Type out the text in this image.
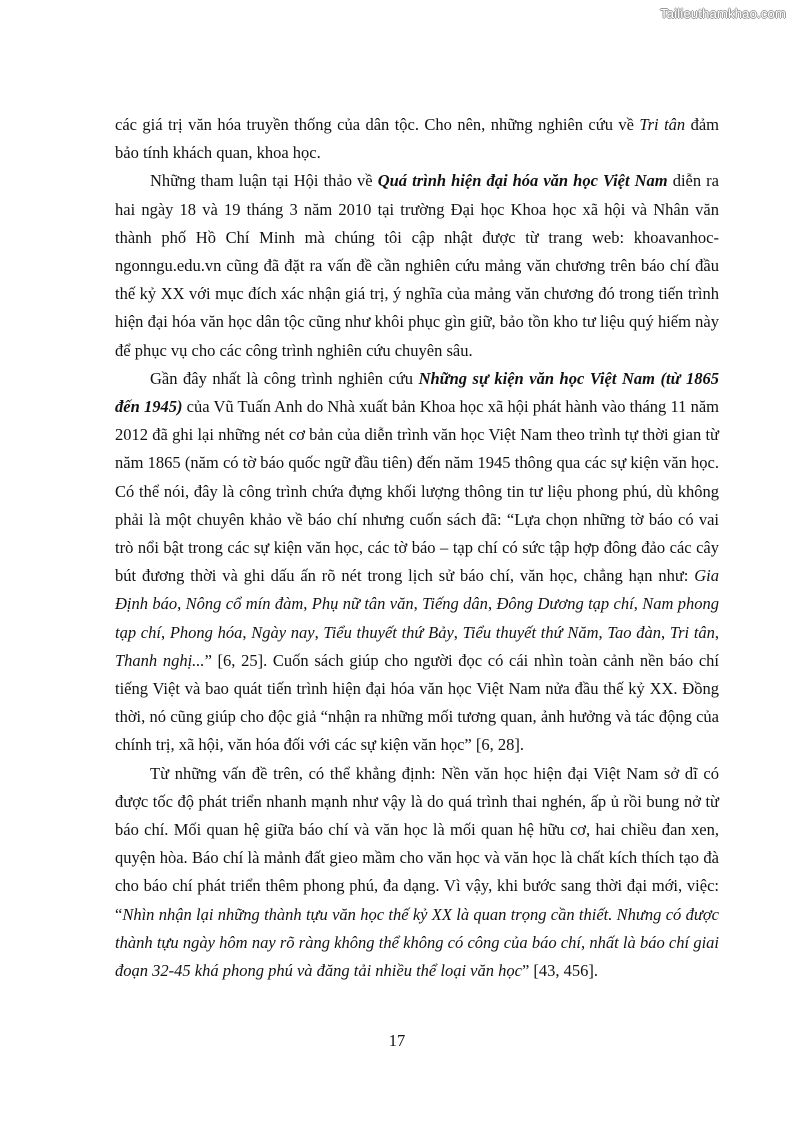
Tailieuthamkhao.com

các giá trị văn hóa truyền thống của dân tộc. Cho nên, những nghiên cứu về Tri tân đảm bảo tính khách quan, khoa học.

Những tham luận tại Hội thảo về Quá trình hiện đại hóa văn học Việt Nam diễn ra hai ngày 18 và 19 tháng 3 năm 2010 tại trường Đại học Khoa học xã hội và Nhân văn thành phố Hồ Chí Minh mà chúng tôi cập nhật được từ trang web: khoavanhoc-ngonngu.edu.vn cũng đã đặt ra vấn đề cần nghiên cứu mảng văn chương trên báo chí đầu thế kỷ XX với mục đích xác nhận giá trị, ý nghĩa của mảng văn chương đó trong tiến trình hiện đại hóa văn học dân tộc cũng như khôi phục gìn giữ, bảo tồn kho tư liệu quý hiếm này để phục vụ cho các công trình nghiên cứu chuyên sâu.

Gần đây nhất là công trình nghiên cứu Những sự kiện văn học Việt Nam (từ 1865 đến 1945) của Vũ Tuấn Anh do Nhà xuất bản Khoa học xã hội phát hành vào tháng 11 năm 2012 đã ghi lại những nét cơ bản của diễn trình văn học Việt Nam theo trình tự thời gian từ năm 1865 (năm có tờ báo quốc ngữ đầu tiên) đến năm 1945 thông qua các sự kiện văn học. Có thể nói, đây là công trình chứa đựng khối lượng thông tin tư liệu phong phú, dù không phải là một chuyên khảo về báo chí nhưng cuốn sách đã: “Lựa chọn những tờ báo có vai trò nổi bật trong các sự kiện văn học, các tờ báo – tạp chí có sức tập hợp đông đảo các cây bút đương thời và ghi dấu ấn rõ nét trong lịch sử báo chí, văn học, chẳng hạn như: Gia Định báo, Nông cổ mín đàm, Phụ nữ tân văn, Tiếng dân, Đông Dương tạp chí, Nam phong tạp chí, Phong hóa, Ngày nay, Tiểu thuyết thứ Bảy, Tiểu thuyết thứ Năm, Tao đàn, Tri tân, Thanh nghị...” [6, 25]. Cuốn sách giúp cho người đọc có cái nhìn toàn cảnh nền báo chí tiếng Việt và bao quát tiến trình hiện đại hóa văn học Việt Nam nửa đầu thế kỷ XX. Đồng thời, nó cũng giúp cho độc giả “nhận ra những mối tương quan, ảnh hưởng và tác động của chính trị, xã hội, văn hóa đối với các sự kiện văn học” [6, 28].

Từ những vấn đề trên, có thể khẳng định: Nền văn học hiện đại Việt Nam sở dĩ có được tốc độ phát triển nhanh mạnh như vậy là do quá trình thai nghén, ấp ủ rồi bung nở từ báo chí. Mối quan hệ giữa báo chí và văn học là mối quan hệ hữu cơ, hai chiều đan xen, quyện hòa. Báo chí là mảnh đất gieo mầm cho văn học và văn học là chất kích thích tạo đà cho báo chí phát triển thêm phong phú, đa dạng. Vì vậy, khi bước sang thời đại mới, việc: “Nhìn nhận lại những thành tựu văn học thế kỷ XX là quan trọng cần thiết. Nhưng có được thành tựu ngày hôm nay rõ ràng không thể không có công của báo chí, nhất là báo chí giai đoạn 32-45 khá phong phú và đăng tải nhiều thể loại văn học” [43, 456].

17
